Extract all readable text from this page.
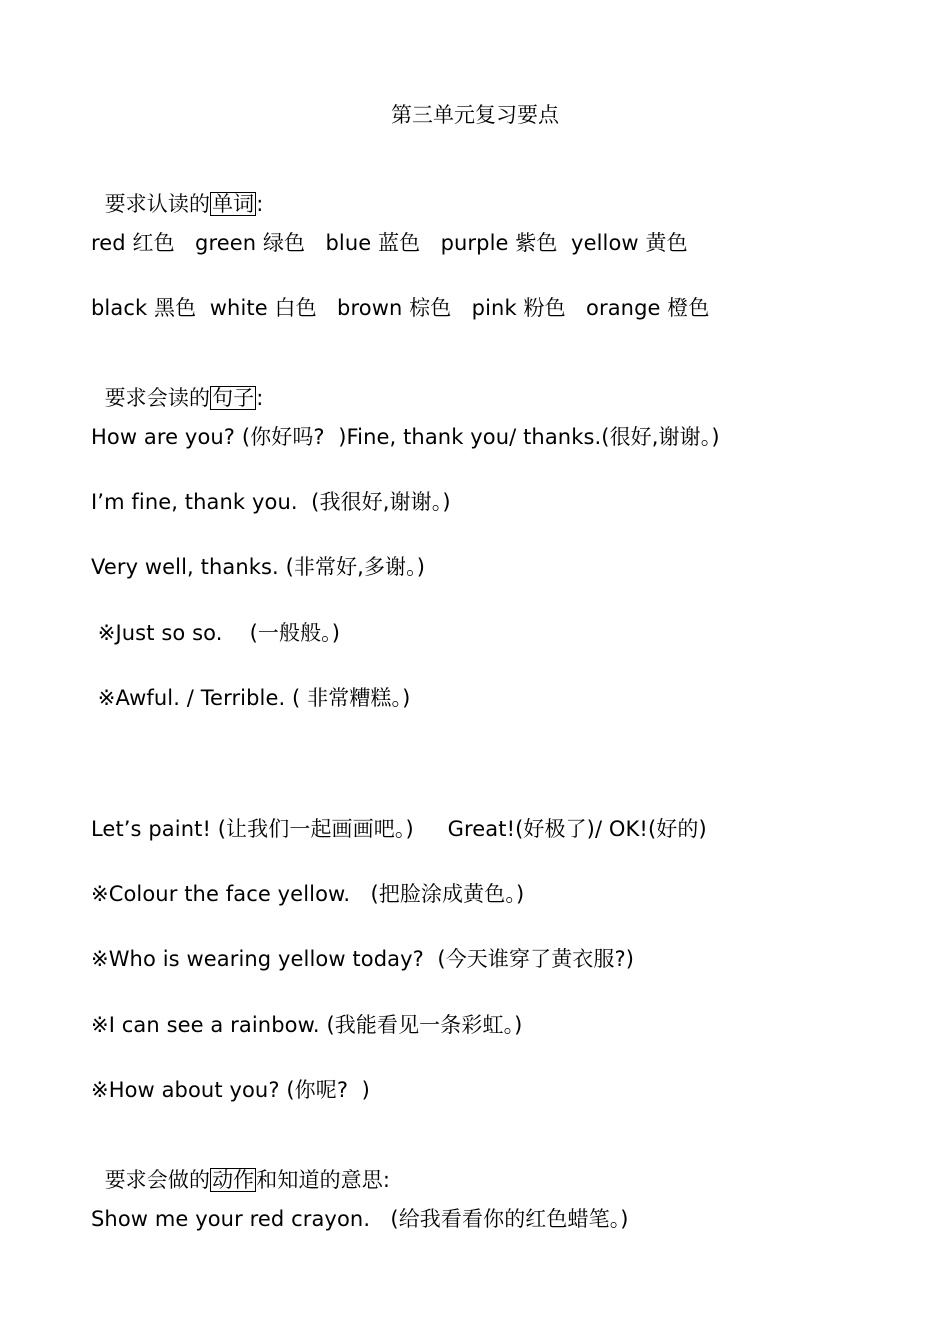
第三单元复习要点

要求认读的单词:

red 红色   green 绿色   blue 蓝色   purple 紫色  yellow 黄色
black 黑色  white 白色   brown 棕色   pink 粉色   orange 橙色

要求会读的句子:

How are you? (你好吗?  )Fine, thank you/ thanks.(很好,谢谢。)
I’m fine, thank you.  (我很好,谢谢。)
Very well, thanks. (非常好,多谢。)
※Just so so.    (一般般。)
※Awful. / Terrible. ( 非常糟糕。)
Let’s paint! (让我们一起画画吧。)     Great!(好极了)/ OK!(好的)
※Colour the face yellow.   (把脸涂成黄色。)
※Who is wearing yellow today?  (今天谁穿了黄衣服?)
※I can see a rainbow. (我能看见一条彩虹。)
※How about you? (你呢?  )

要求会做的动作和知道的意思:

Show me your red crayon.   (给我看看你的红色蜡笔。)
